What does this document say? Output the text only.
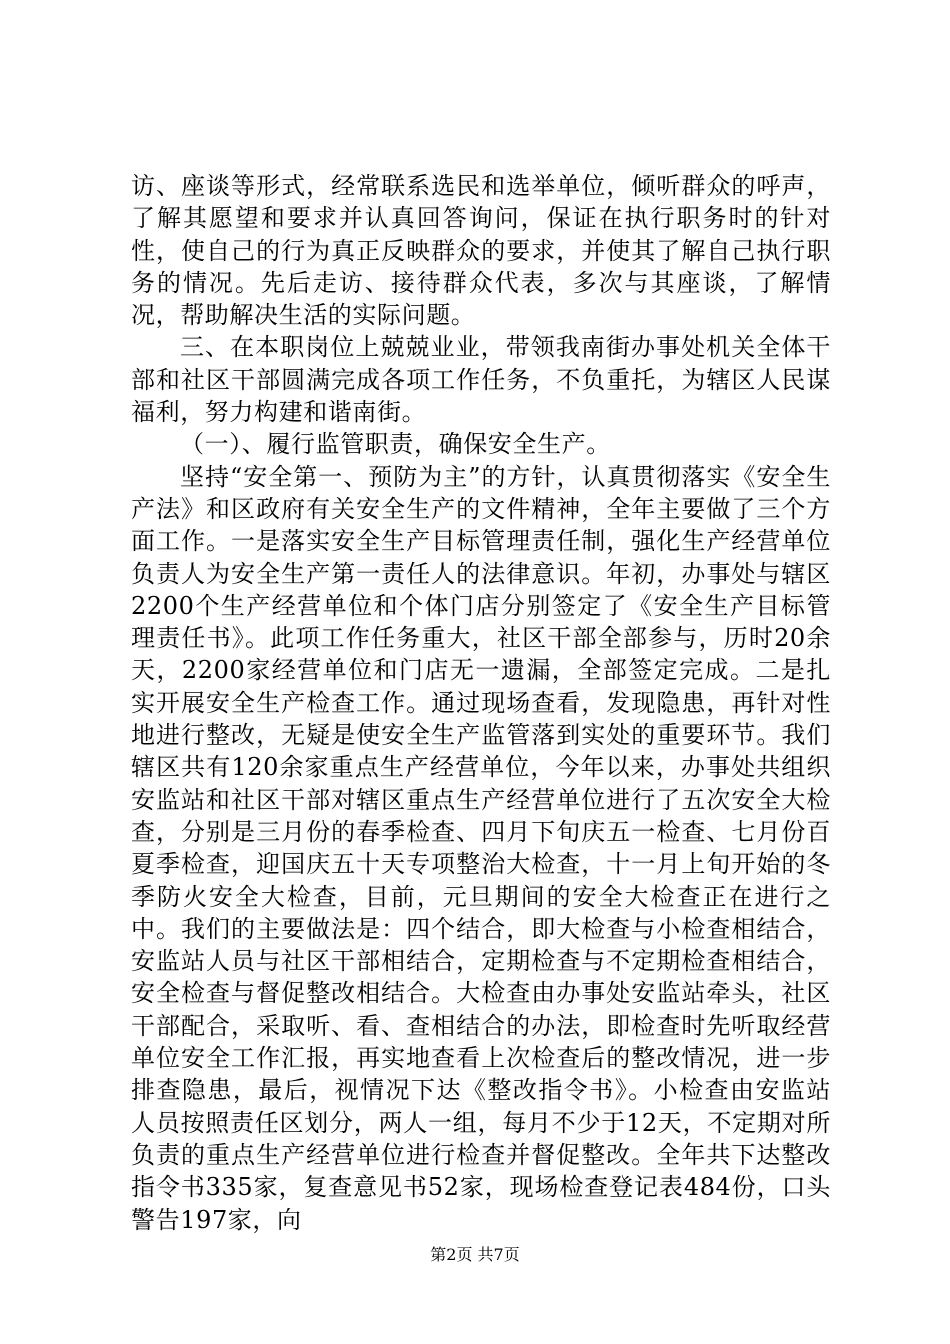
访、座谈等形式，经常联系选民和选举单位，倾听群众的呼声，了解其愿望和要求并认真回答询问，保证在执行职务时的针对性，使自己的行为真正反映群众的要求，并使其了解自己执行职务的情况。先后走访、接待群众代表，多次与其座谈，了解情况，帮助解决生活的实际问题。

三、在本职岗位上兢兢业业，带领我南街办事处机关全体干部和社区干部圆满完成各项工作任务，不负重托，为辖区人民谋福利，努力构建和谐南街。

（一）、履行监管职责，确保安全生产。

坚持“安全第一、预防为主”的方针，认真贯彻落实《安全生产法》和区政府有关安全生产的文件精神，全年主要做了三个方面工作。一是落实安全生产目标管理责任制，强化生产经营单位负责人为安全生产第一责任人的法律意识。年初，办事处与辖区2200个生产经营单位和个体门店分别签定了《安全生产目标管理责任书》。此项工作任务重大，社区干部全部参与，历时20余天，2200家经营单位和门店无一遗漏，全部签定完成。二是扎实开展安全生产检查工作。通过现场查看，发现隐患，再针对性地进行整改，无疑是使安全生产监管落到实处的重要环节。我们辖区共有120余家重点生产经营单位，今年以来，办事处共组织安监站和社区干部对辖区重点生产经营单位进行了五次安全大检查，分别是三月份的春季检查、四月下旬庆五一检查、七月份百夏季检查，迎国庆五十天专项整治大检查，十一月上旬开始的冬季防火安全大检查，目前，元旦期间的安全大检查正在进行之中。我们的主要做法是：四个结合，即大检查与小检查相结合，安监站人员与社区干部相结合，定期检查与不定期检查相结合，安全检查与督促整改相结合。大检查由办事处安监站牵头，社区干部配合，采取听、看、查相结合的办法，即检查时先听取经营单位安全工作汇报，再实地查看上次检查后的整改情况，进一步排查隐患，最后，视情况下达《整改指令书》。小检查由安监站人员按照责任区划分，两人一组，每月不少于12天，不定期对所负责的重点生产经营单位进行检查并督促整改。全年共下达整改指令书335家，复查意见书52家，现场检查登记表484份，口头警告197家，向

第2页 共7页
